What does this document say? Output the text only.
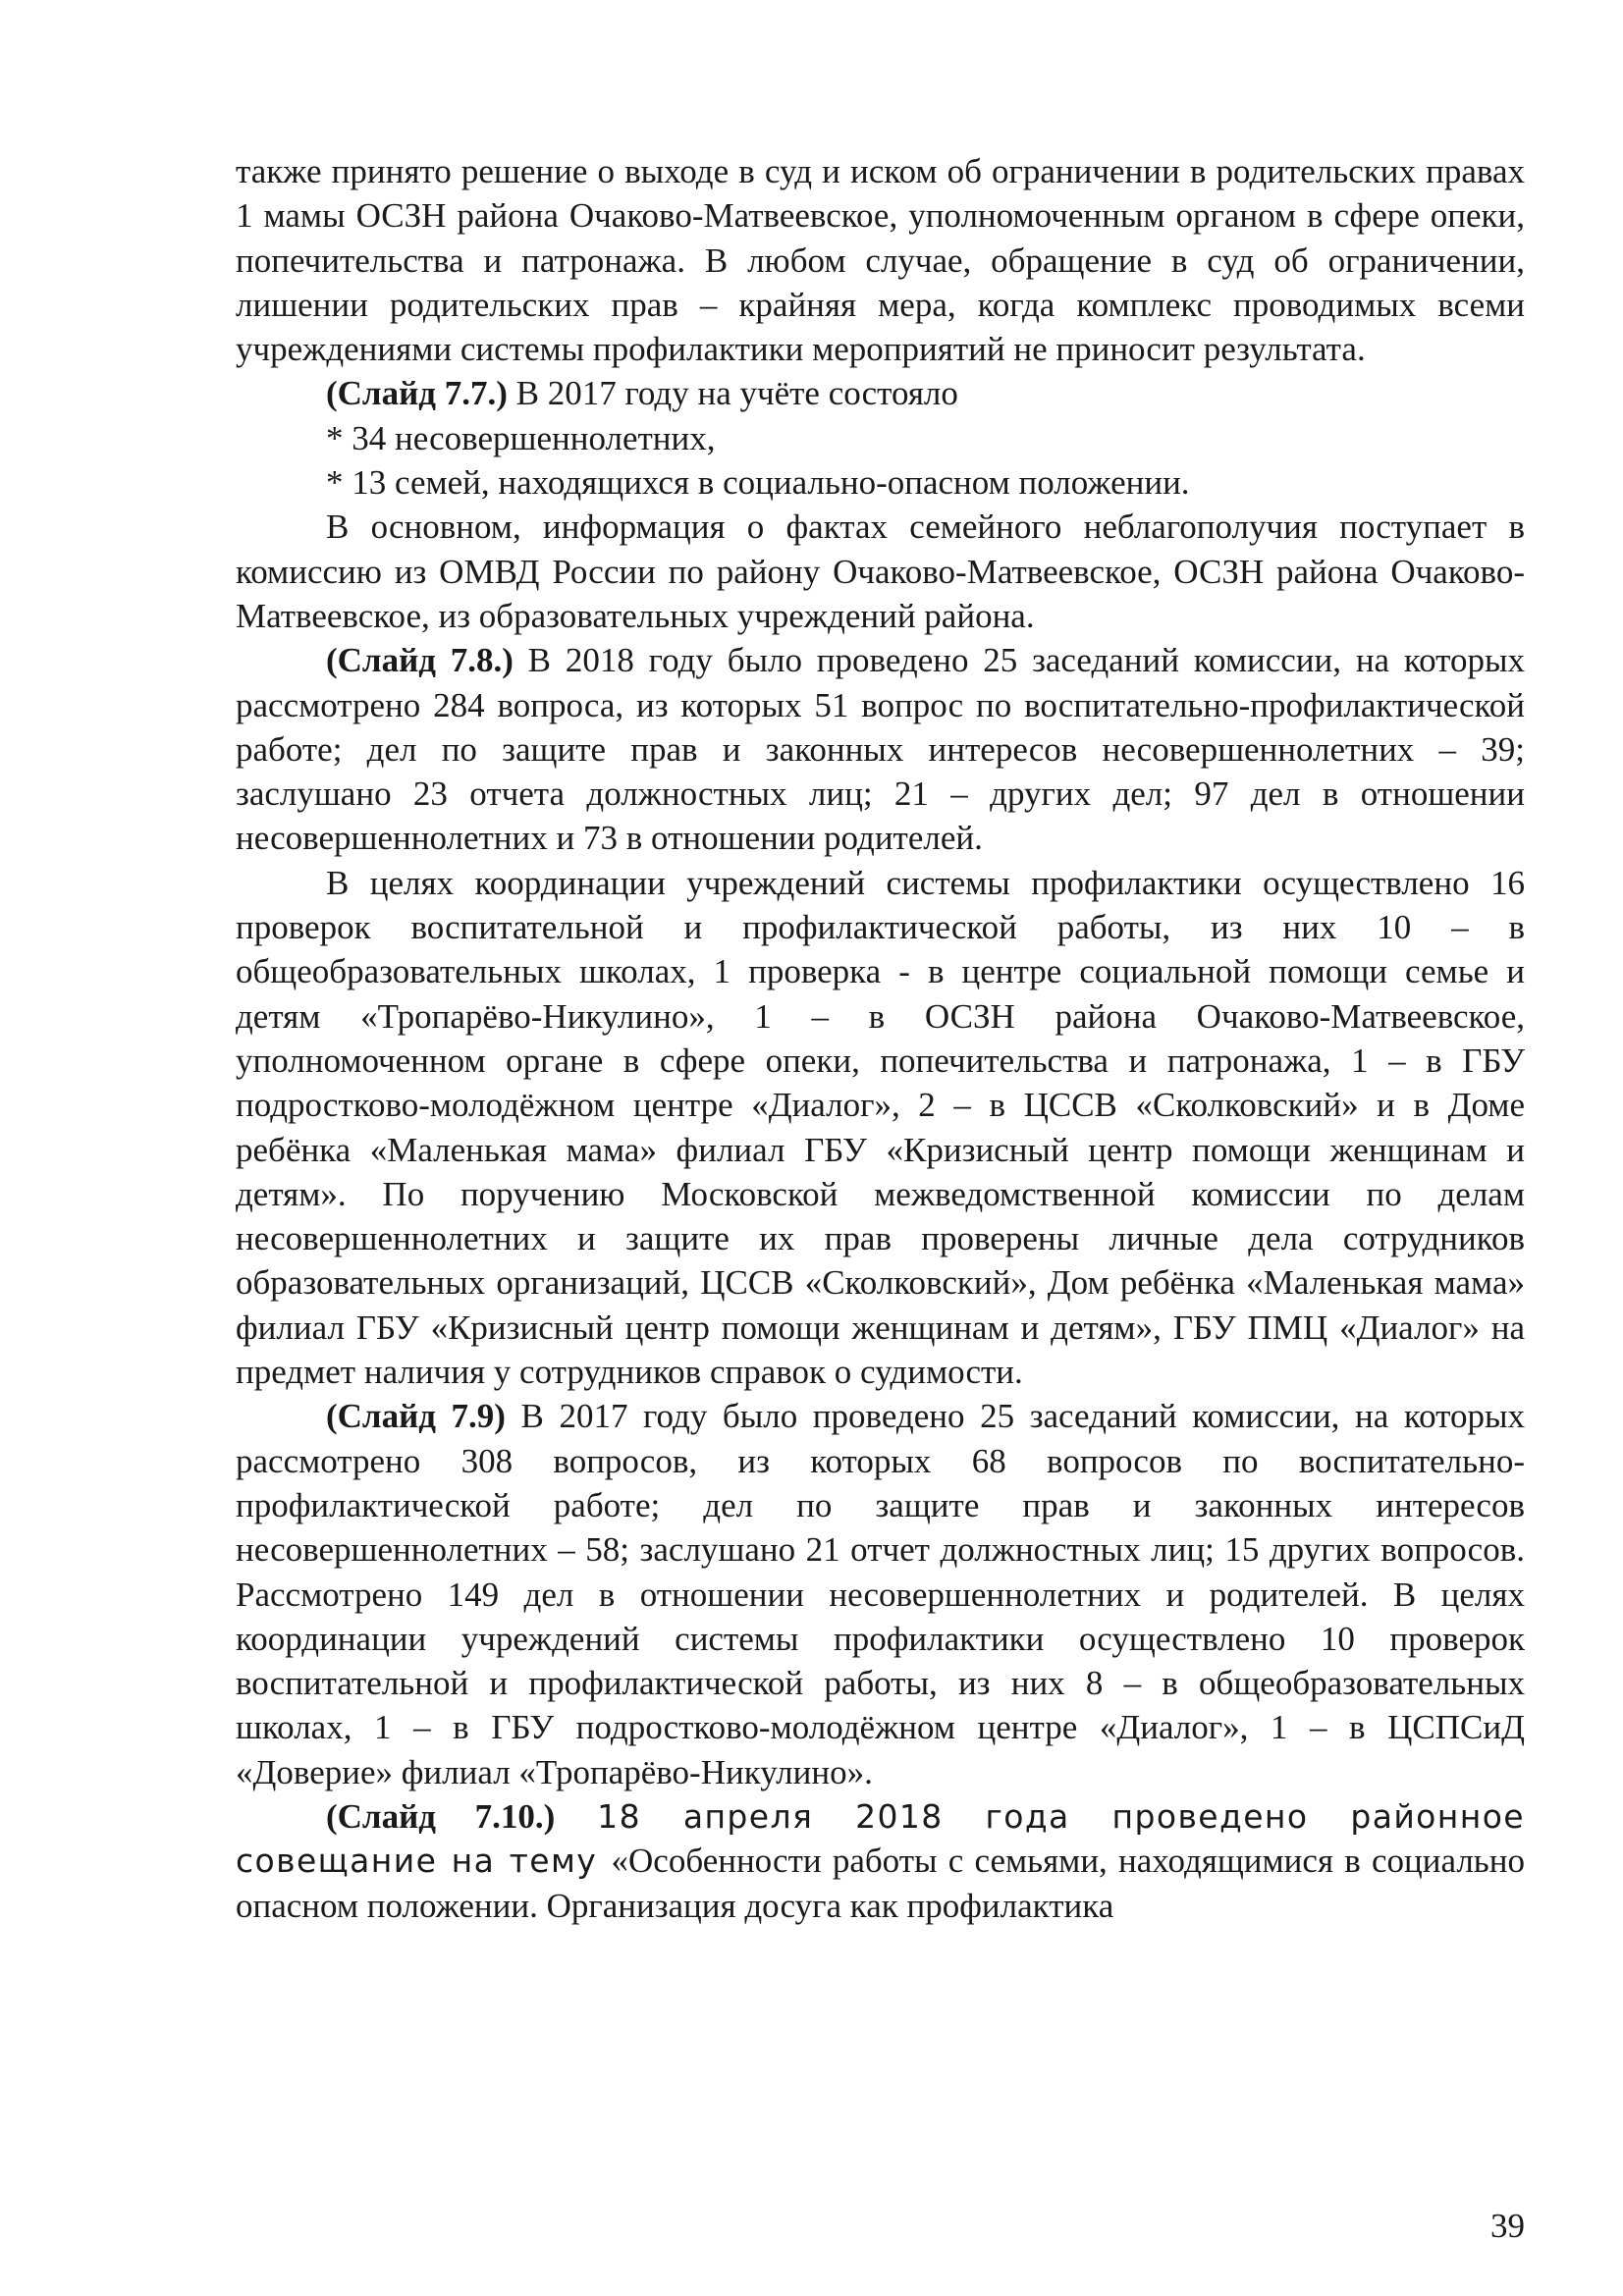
также принято решение о выходе в суд и иском об ограничении в родительских правах 1 мамы ОСЗН района Очаково-Матвеевское, уполномоченным органом в сфере опеки, попечительства и патронажа. В любом случае, обращение в суд об ограничении, лишении родительских прав – крайняя мера, когда комплекс проводимых всеми учреждениями системы профилактики мероприятий не приносит результата.

(Слайд 7.7.) В 2017 году на учёте состояло

* 34 несовершеннолетних,

* 13 семей, находящихся в социально-опасном положении.

В основном, информация о фактах семейного неблагополучия поступает в комиссию из ОМВД России по району Очаково-Матвеевское, ОСЗН района Очаково-Матвеевское, из образовательных учреждений района.

(Слайд 7.8.) В 2018 году было проведено 25 заседаний комиссии, на которых рассмотрено 284 вопроса, из которых 51 вопрос по воспитательно-профилактической работе; дел по защите прав и законных интересов несовершеннолетних – 39; заслушано 23 отчета должностных лиц; 21 – других дел; 97 дел в отношении несовершеннолетних и 73 в отношении родителей.

В целях координации учреждений системы профилактики осуществлено 16 проверок воспитательной и профилактической работы, из них 10 – в общеобразовательных школах, 1 проверка - в центре социальной помощи семье и детям «Тропарёво-Никулино», 1 – в ОСЗН района Очаково-Матвеевское, уполномоченном органе в сфере опеки, попечительства и патронажа, 1 – в ГБУ подростково-молодёжном центре «Диалог», 2 – в ЦССВ «Сколковский» и в Доме ребёнка «Маленькая мама» филиал ГБУ «Кризисный центр помощи женщинам и детям». По поручению Московской межведомственной комиссии по делам несовершеннолетних и защите их прав проверены личные дела сотрудников образовательных организаций, ЦССВ «Сколковский», Дом ребёнка «Маленькая мама» филиал ГБУ «Кризисный центр помощи женщинам и детям», ГБУ ПМЦ «Диалог» на предмет наличия у сотрудников справок о судимости.

(Слайд 7.9) В 2017 году было проведено 25 заседаний комиссии, на которых рассмотрено 308 вопросов, из которых 68 вопросов по воспитательно-профилактической работе; дел по защите прав и законных интересов несовершеннолетних – 58; заслушано 21 отчет должностных лиц; 15 других вопросов. Рассмотрено 149 дел в отношении несовершеннолетних и родителей. В целях координации учреждений системы профилактики осуществлено 10 проверок воспитательной и профилактической работы, из них 8 – в общеобразовательных школах, 1 – в ГБУ подростково-молодёжном центре «Диалог», 1 – в ЦСПСиД «Доверие» филиал «Тропарёво-Никулино».

(Слайд 7.10.) 18 апреля 2018 года проведено районное совещание на тему «Особенности работы с семьями, находящимися в социально опасном положении. Организация досуга как профилактика

39
